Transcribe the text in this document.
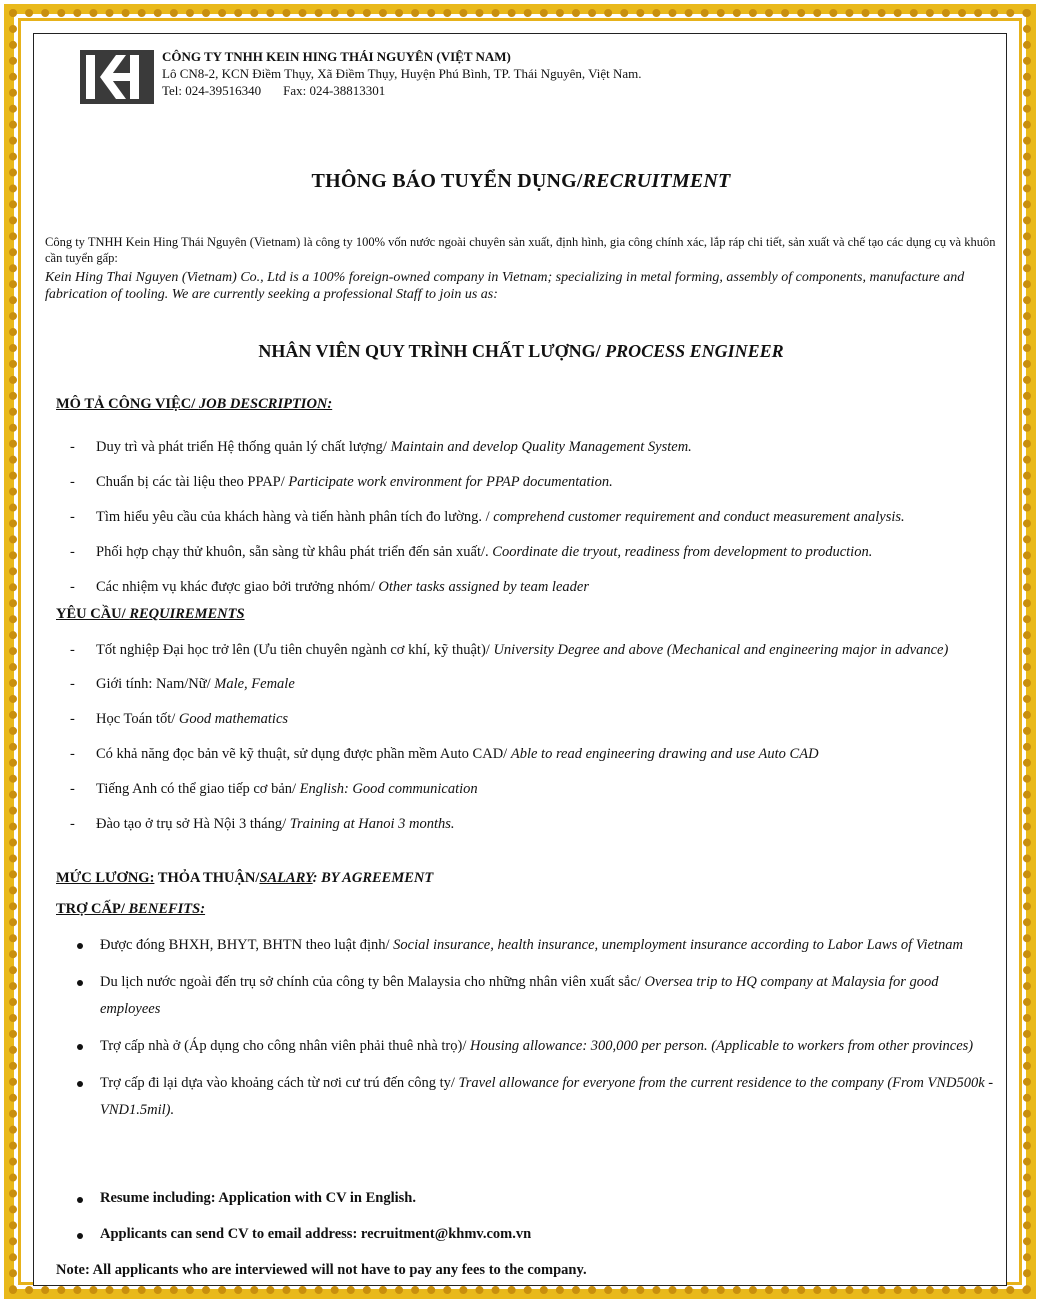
CÔNG TY TNHH KEIN HING THÁI NGUYÊN (VIỆT NAM)
Lô CN8-2, KCN Điềm Thụy, Xã Điềm Thụy, Huyện Phú Bình, TP. Thái Nguyên, Việt Nam.
Tel: 024-39516340 Fax: 024-38813301
THÔNG BÁO TUYỂN DỤNG/RECRUITMENT
Công ty TNHH Kein Hing Thái Nguyên (Vietnam) là công ty 100% vốn nước ngoài chuyên sản xuất, định hình, gia công chính xác, lắp ráp chi tiết, sản xuất và chế tạo các dụng cụ và khuôn cần tuyển gấp:
Kein Hing Thai Nguyen (Vietnam) Co., Ltd is a 100% foreign-owned company in Vietnam; specializing in metal forming, assembly of components, manufacture and fabrication of tooling. We are currently seeking a professional Staff to join us as:
NHÂN VIÊN QUY TRÌNH CHẤT LƯỢNG/ PROCESS ENGINEER
MÔ TẢ CÔNG VIỆC/ JOB DESCRIPTION:
- Duy trì và phát triển Hệ thống quản lý chất lượng/ Maintain and develop Quality Management System.
- Chuẩn bị các tài liệu theo PPAP/ Participate work environment for PPAP documentation.
- Tìm hiểu yêu cầu của khách hàng và tiến hành phân tích đo lường. / comprehend customer requirement and conduct measurement analysis.
- Phối hợp chạy thử khuôn, sẵn sàng từ khâu phát triển đến sản xuất/. Coordinate die tryout, readiness from development to production.
- Các nhiệm vụ khác được giao bởi trưởng nhóm/ Other tasks assigned by team leader
YÊU CẦU/ REQUIREMENTS
- Tốt nghiệp Đại học trở lên (Ưu tiên chuyên ngành cơ khí, kỹ thuật)/ University Degree and above (Mechanical and engineering major in advance)
- Giới tính: Nam/Nữ/ Male, Female
- Học Toán tốt/ Good mathematics
- Có khả năng đọc bản vẽ kỹ thuật, sử dụng được phần mềm Auto CAD/ Able to read engineering drawing and use Auto CAD
- Tiếng Anh có thể giao tiếp cơ bản/ English: Good communication
- Đào tạo ở trụ sở Hà Nội 3 tháng/ Training at Hanoi 3 months.
MỨC LƯƠNG: THỎA THUẬN/SALARY: BY AGREEMENT
TRỢ CẤP/ BENEFITS:
Được đóng BHXH, BHYT, BHTN theo luật định/ Social insurance, health insurance, unemployment insurance according to Labor Laws of Vietnam
Du lịch nước ngoài đến trụ sở chính của công ty bên Malaysia cho những nhân viên xuất sắc/ Oversea trip to HQ company at Malaysia for good employees
Trợ cấp nhà ở (Áp dụng cho công nhân viên phải thuê nhà trọ)/ Housing allowance: 300,000 per person. (Applicable to workers from other provinces)
Trợ cấp đi lại dựa vào khoảng cách từ nơi cư trú đến công ty/ Travel allowance for everyone from the current residence to the company (From VND500k -VND1.5mil).
Resume including: Application with CV in English.
Applicants can send CV to email address: recruitment@khmv.com.vn
Note: All applicants who are interviewed will not have to pay any fees to the company.
